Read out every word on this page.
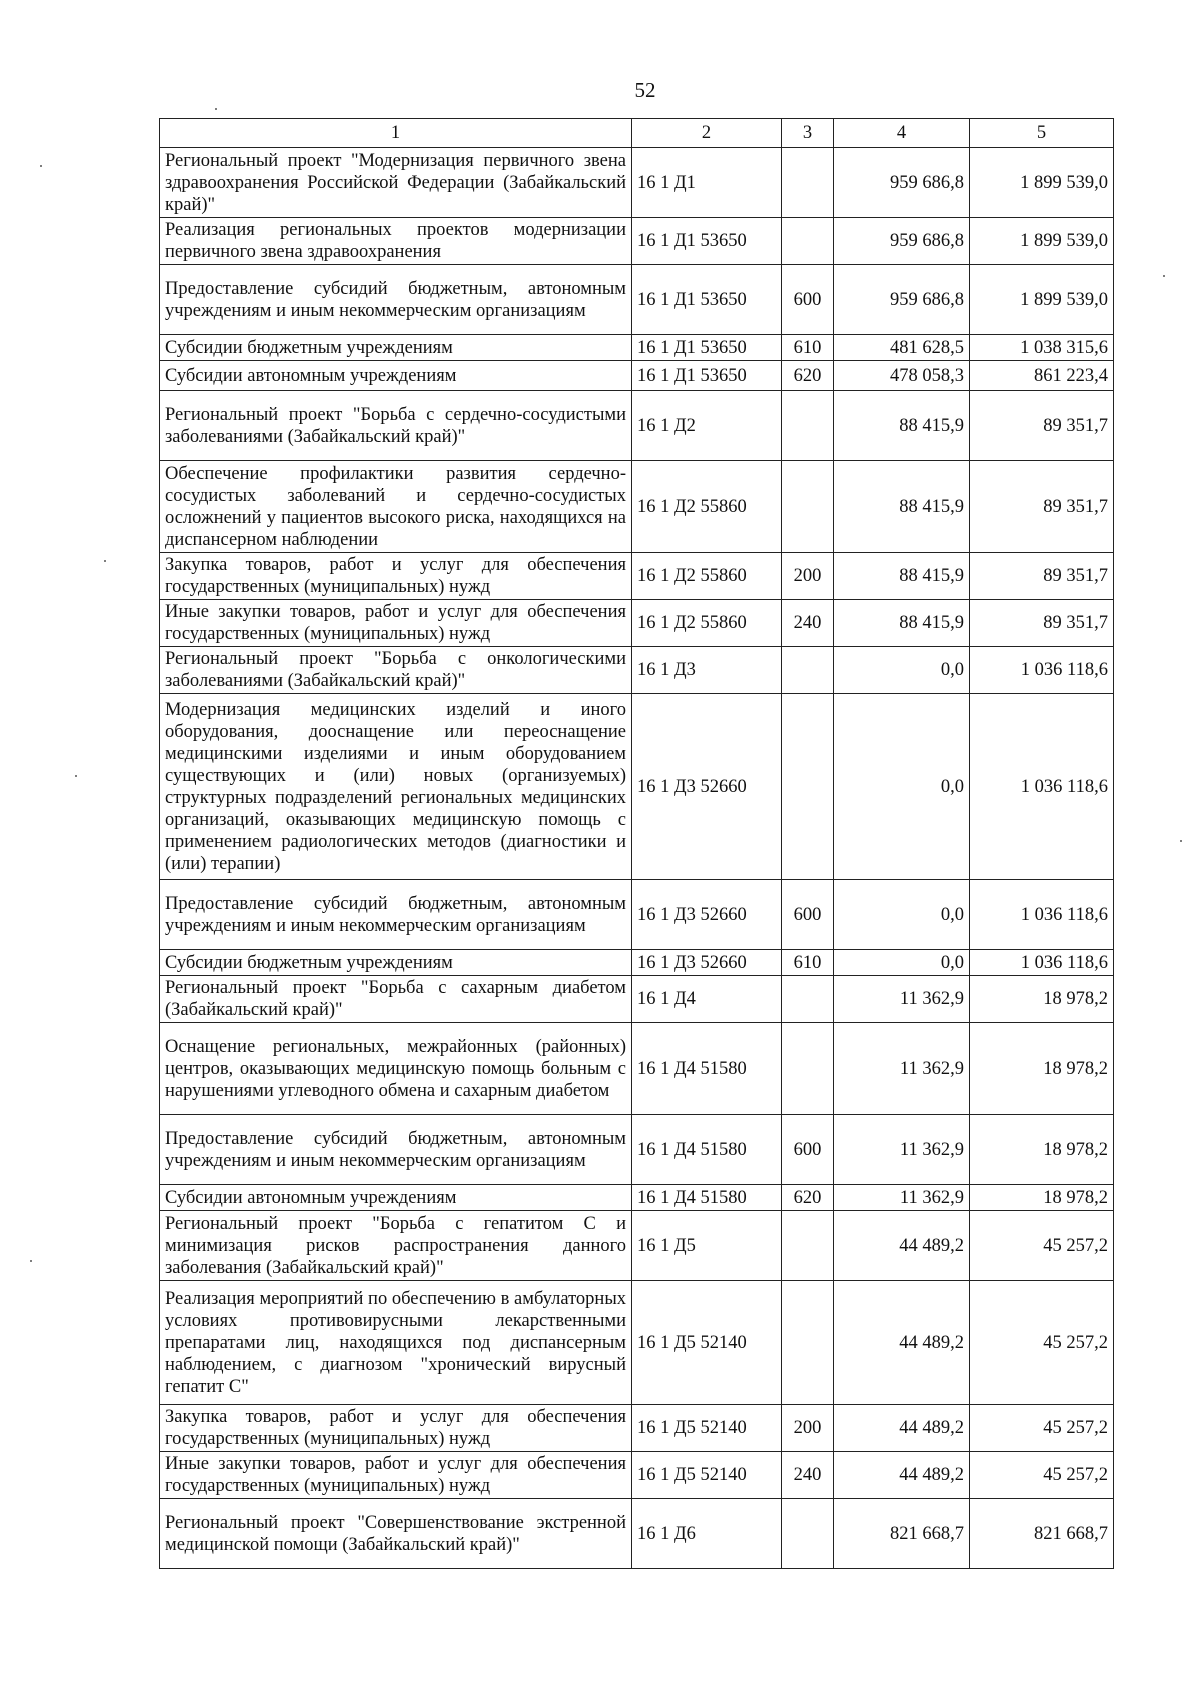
52
1	2	3	4	5
Региональный проект "Модернизация первичного звена здравоохранения Российской Федерации (Забайкальский край)"	16 1 Д1		959 686,8	1 899 539,0
Реализация региональных проектов модернизации первичного звена здравоохранения	16 1 Д1 53650		959 686,8	1 899 539,0
Предоставление субсидий бюджетным, автономным учреждениям и иным некоммерческим организациям	16 1 Д1 53650	600	959 686,8	1 899 539,0
Субсидии бюджетным учреждениям	16 1 Д1 53650	610	481 628,5	1 038 315,6
Субсидии автономным учреждениям	16 1 Д1 53650	620	478 058,3	861 223,4
Региональный проект "Борьба с сердечно-сосудистыми заболеваниями (Забайкальский край)"	16 1 Д2		88 415,9	89 351,7
Обеспечение профилактики развития сердечно-сосудистых заболеваний и сердечно-сосудистых осложнений у пациентов высокого риска, находящихся на диспансерном наблюдении	16 1 Д2 55860		88 415,9	89 351,7
Закупка товаров, работ и услуг для обеспечения государственных (муниципальных) нужд	16 1 Д2 55860	200	88 415,9	89 351,7
Иные закупки товаров, работ и услуг для обеспечения государственных (муниципальных) нужд	16 1 Д2 55860	240	88 415,9	89 351,7
Региональный проект "Борьба с онкологическими заболеваниями (Забайкальский край)"	16 1 Д3		0,0	1 036 118,6
Модернизация медицинских изделий и иного оборудования, дооснащение или переоснащение медицинскими изделиями и иным оборудованием существующих и (или) новых (организуемых) структурных подразделений региональных медицинских организаций, оказывающих медицинскую помощь с применением радиологических методов (диагностики и (или) терапии)	16 1 Д3 52660		0,0	1 036 118,6
Предоставление субсидий бюджетным, автономным учреждениям и иным некоммерческим организациям	16 1 Д3 52660	600	0,0	1 036 118,6
Субсидии бюджетным учреждениям	16 1 Д3 52660	610	0,0	1 036 118,6
Региональный проект "Борьба с сахарным диабетом (Забайкальский край)"	16 1 Д4		11 362,9	18 978,2
Оснащение региональных, межрайонных (районных) центров, оказывающих медицинскую помощь больным с нарушениями углеводного обмена и сахарным диабетом	16 1 Д4 51580		11 362,9	18 978,2
Предоставление субсидий бюджетным, автономным учреждениям и иным некоммерческим организациям	16 1 Д4 51580	600	11 362,9	18 978,2
Субсидии автономным учреждениям	16 1 Д4 51580	620	11 362,9	18 978,2
Региональный проект "Борьба с гепатитом С и минимизация рисков распространения данного заболевания (Забайкальский край)"	16 1 Д5		44 489,2	45 257,2
Реализация мероприятий по обеспечению в амбулаторных условиях противовирусными лекарственными препаратами лиц, находящихся под диспансерным наблюдением, с диагнозом "хронический вирусный гепатит С"	16 1 Д5 52140		44 489,2	45 257,2
Закупка товаров, работ и услуг для обеспечения государственных (муниципальных) нужд	16 1 Д5 52140	200	44 489,2	45 257,2
Иные закупки товаров, работ и услуг для обеспечения государственных (муниципальных) нужд	16 1 Д5 52140	240	44 489,2	45 257,2
Региональный проект "Совершенствование экстренной медицинской помощи (Забайкальский край)"	16 1 Д6		821 668,7	821 668,7
